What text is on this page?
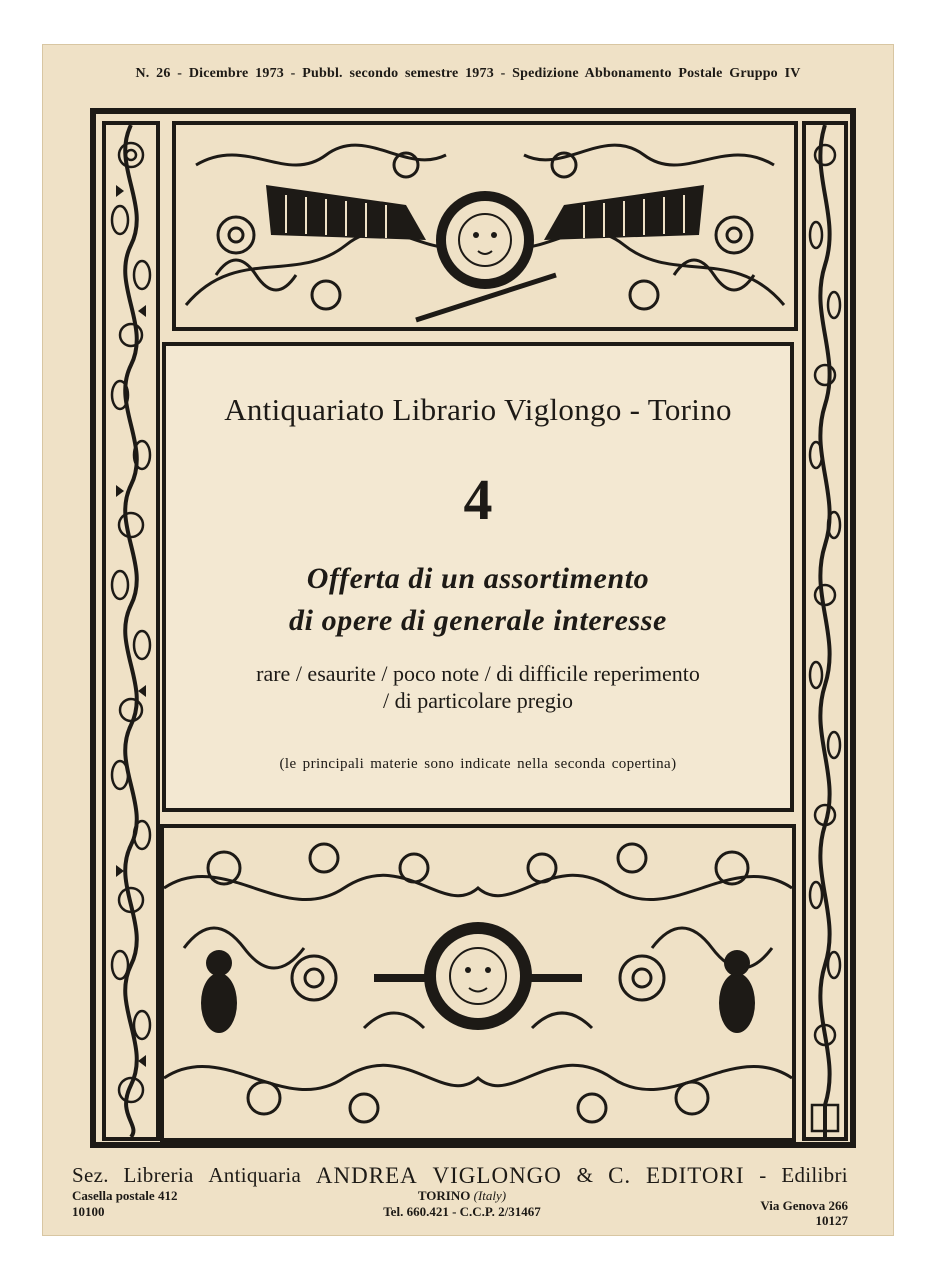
N. 26 - Dicembre 1973 - Pubbl. secondo semestre 1973 - Spedizione Abbonamento Postale Gruppo IV
Antiquariato Librario Viglongo - Torino
4
Offerta di un assortimento
di opere di generale interesse
rare / esaurite / poco note / di difficile reperimento
/ di particolare pregio
(le principali materie sono indicate nella seconda copertina)
Sez. Libreria Antiquaria ANDREA VIGLONGO & C. EDITORI - Edilibri
Casella postale 412
10100
TORINO (Italy)
Tel. 660.421 - C.C.P. 2/31467	Via Genova 266
10127
